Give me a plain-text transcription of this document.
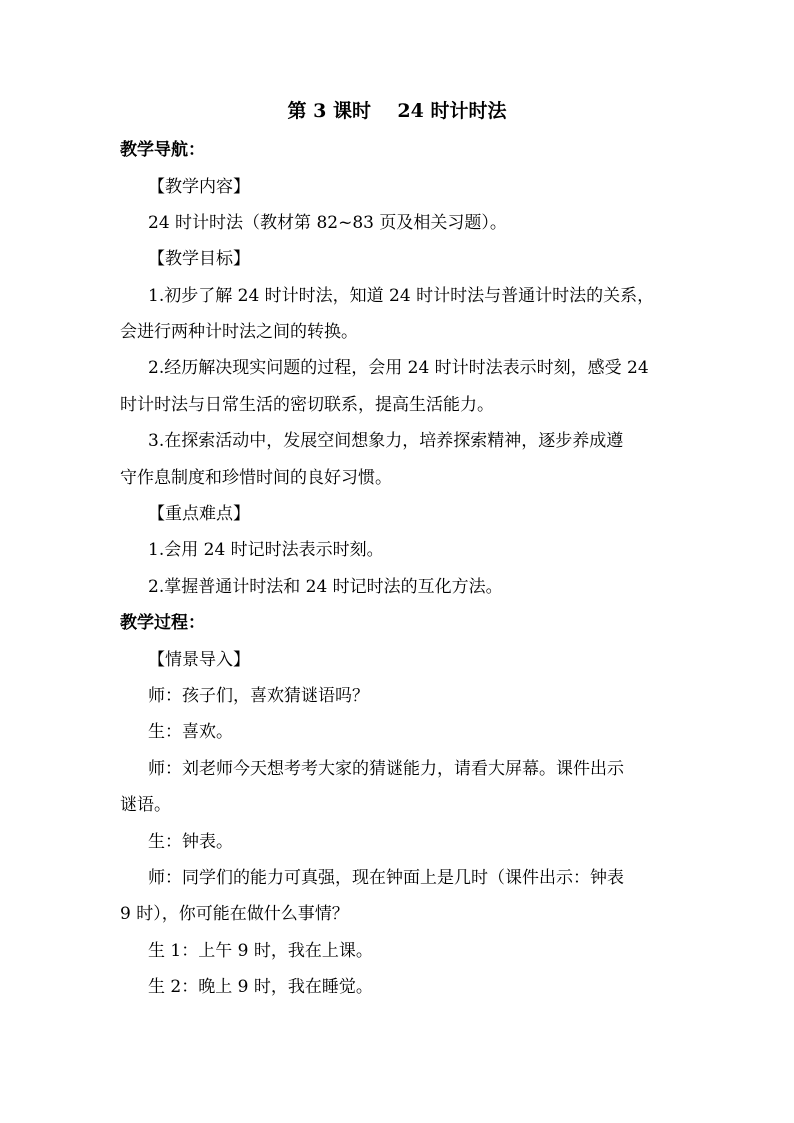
第 3 课时    24 时计时法
教学导航：
【教学内容】
24 时计时法（教材第 82~83 页及相关习题）。
【教学目标】
1.初步了解 24 时计时法，知道 24 时计时法与普通计时法的关系，
会进行两种计时法之间的转换。
2.经历解决现实问题的过程，会用 24 时计时法表示时刻，感受 24
时计时法与日常生活的密切联系，提高生活能力。
3.在探索活动中，发展空间想象力，培养探索精神，逐步养成遵
守作息制度和珍惜时间的良好习惯。
【重点难点】
1.会用 24 时记时法表示时刻。
2.掌握普通计时法和 24 时记时法的互化方法。
教学过程：
【情景导入】
师：孩子们，喜欢猜谜语吗？
生：喜欢。
师：刘老师今天想考考大家的猜谜能力，请看大屏幕。课件出示
谜语。
生：钟表。
师：同学们的能力可真强，现在钟面上是几时（课件出示：钟表
9 时），你可能在做什么事情？
生 1：上午 9 时，我在上课。
生 2：晚上 9 时，我在睡觉。
